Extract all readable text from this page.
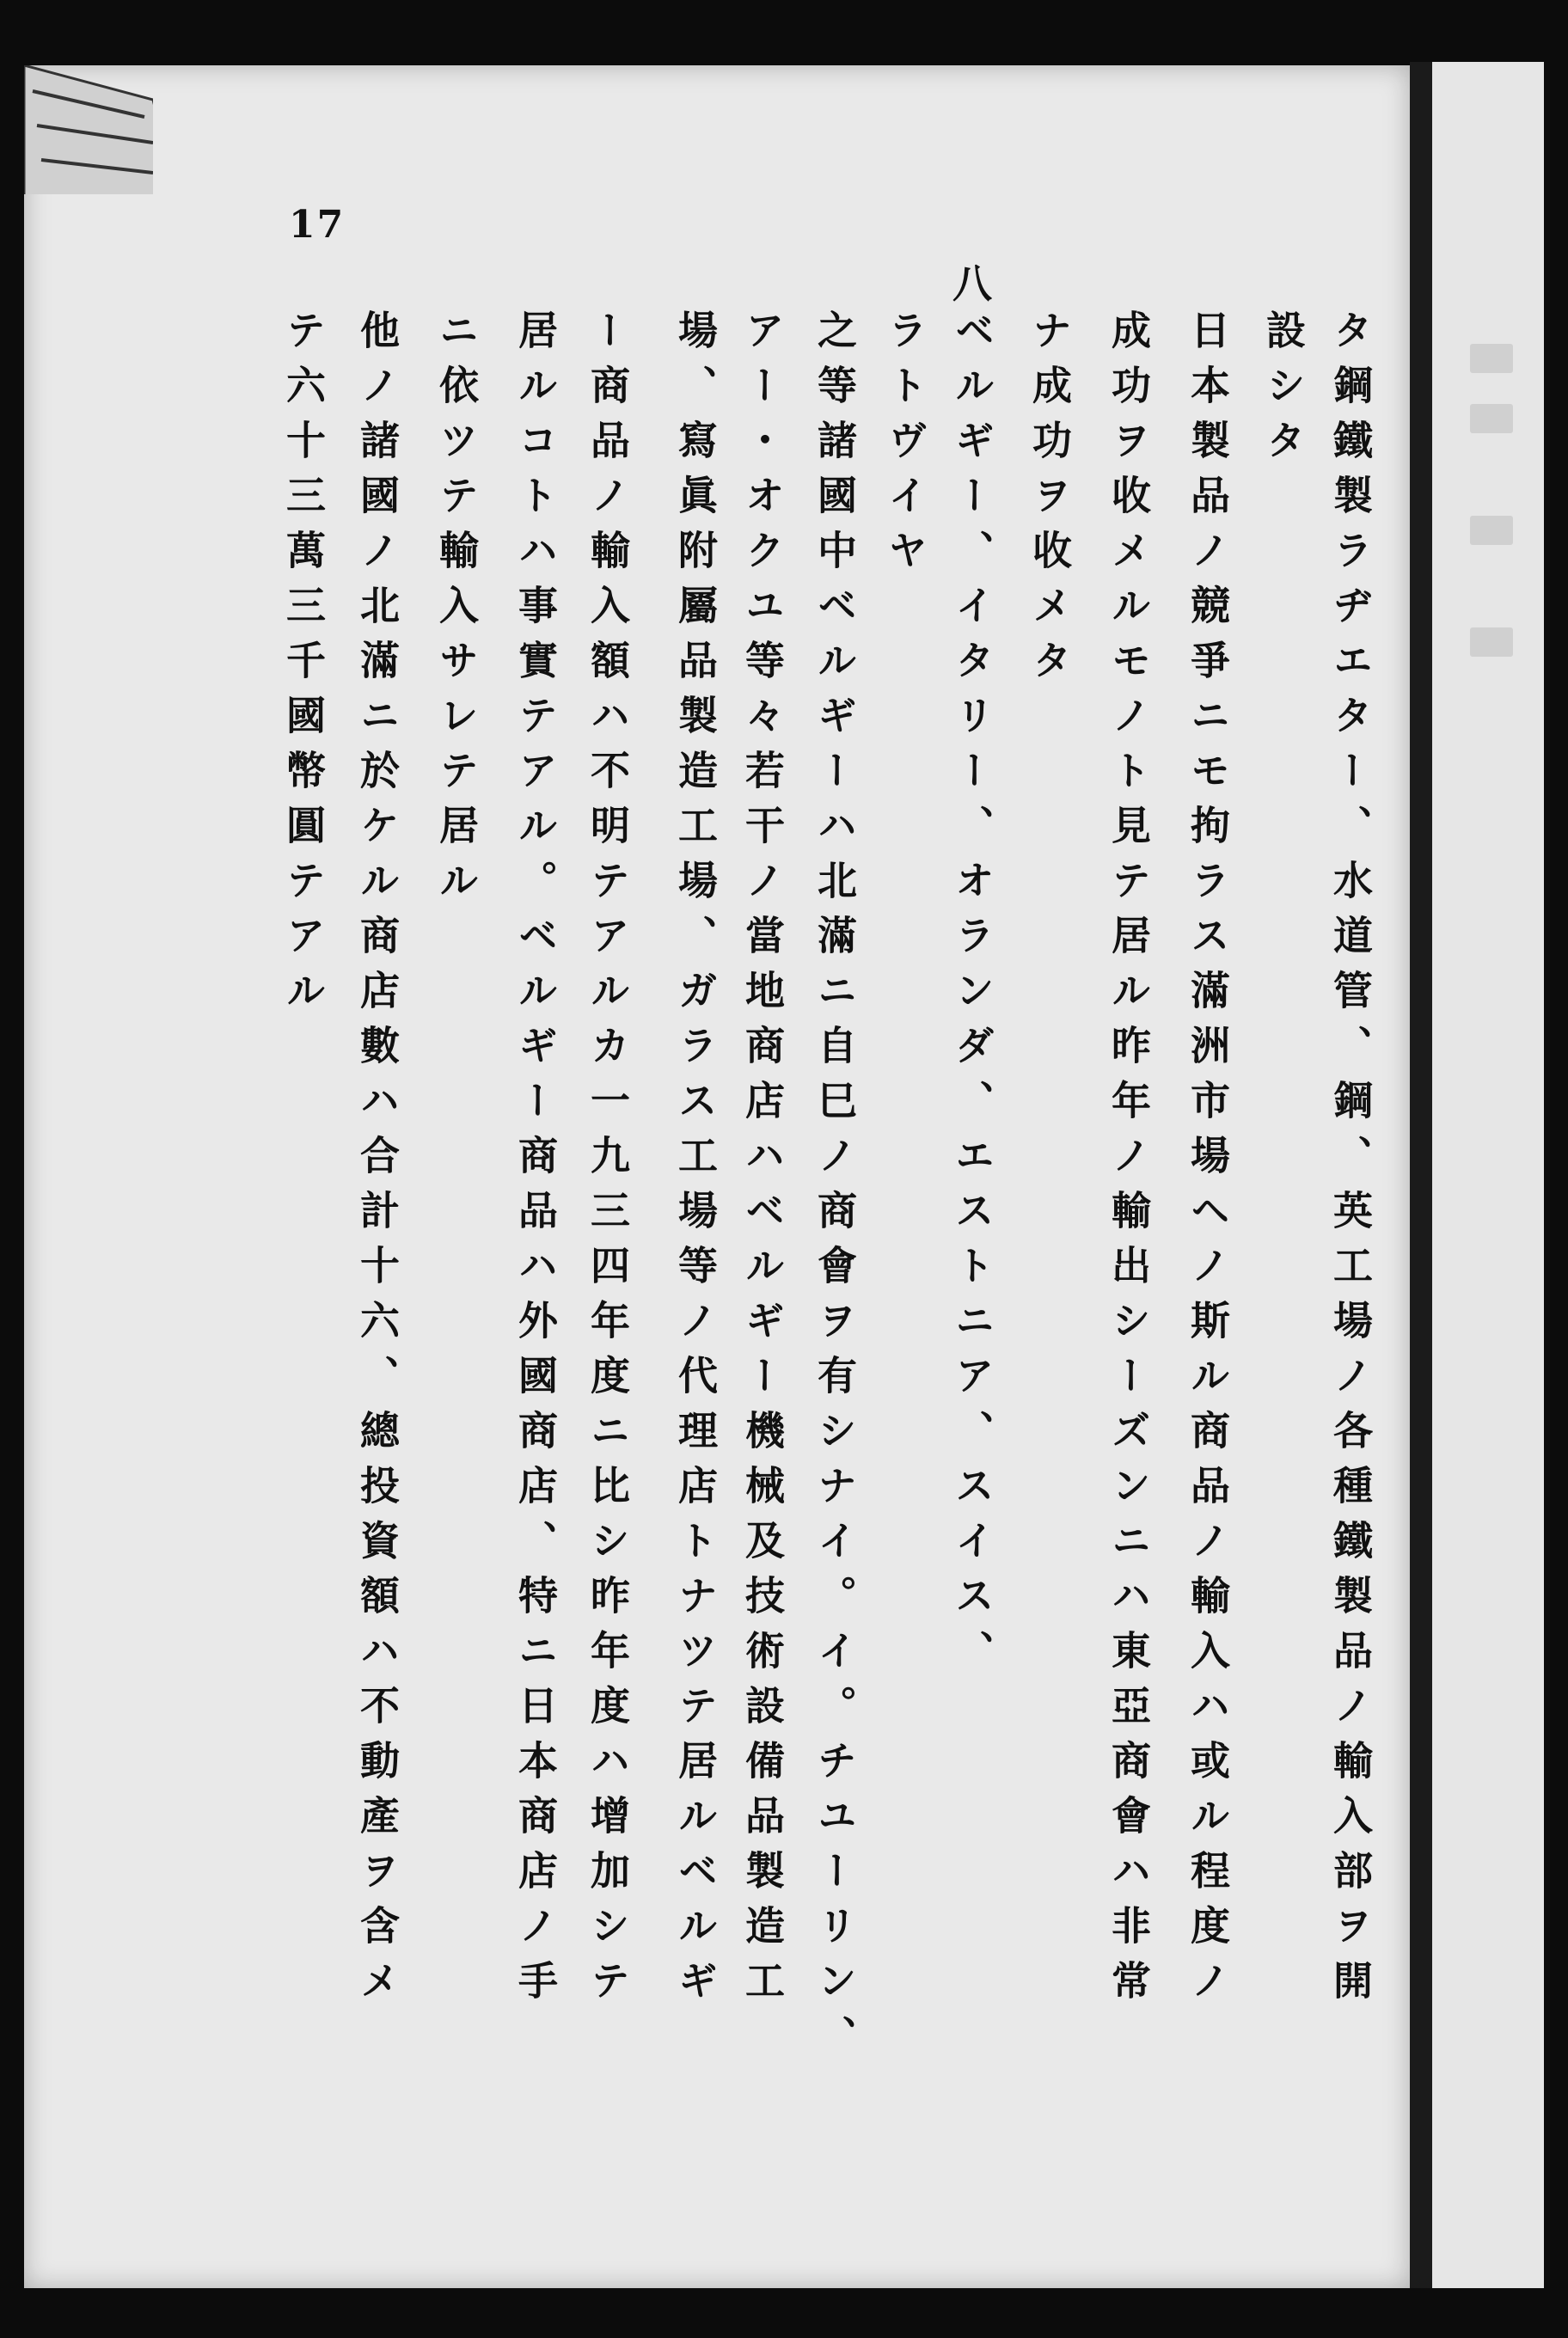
17
八
タ鋼鐵製ラヂエター、水道管、鋼、英工場ノ各種鐵製品ノ輸入部ヲ開
設シタ
日本製品ノ競爭ニモ拘ラス滿洲市場ヘノ斯ル商品ノ輸入ハ或ル程度ノ
成功ヲ收メルモノト見テ居ル昨年ノ輸出シーズンニハ東亞商會ハ非常
ナ成功ヲ收メタ
ベルギー、イタリー、オランダ、エストニア、スイス、
ラトヴイヤ
之等諸國中ベルギーハ北滿ニ自巳ノ商會ヲ有シナイ。イ。チユーリン、
アー・オクユ等々若干ノ當地商店ハベルギー機械及技術設備品製造工
場、寫眞附屬品製造工場、ガラス工場等ノ代理店トナツテ居ルベルギ
ー商品ノ輸入額ハ不明テアルカ一九三四年度ニ比シ昨年度ハ增加シテ
居ルコトハ事實テアル。ベルギー商品ハ外國商店、特ニ日本商店ノ手
ニ依ツテ輸入サレテ居ル
他ノ諸國ノ北滿ニ於ケル商店數ハ合計十六、總投資額ハ不動產ヲ含メ
テ六十三萬三千國幣圓テアル
